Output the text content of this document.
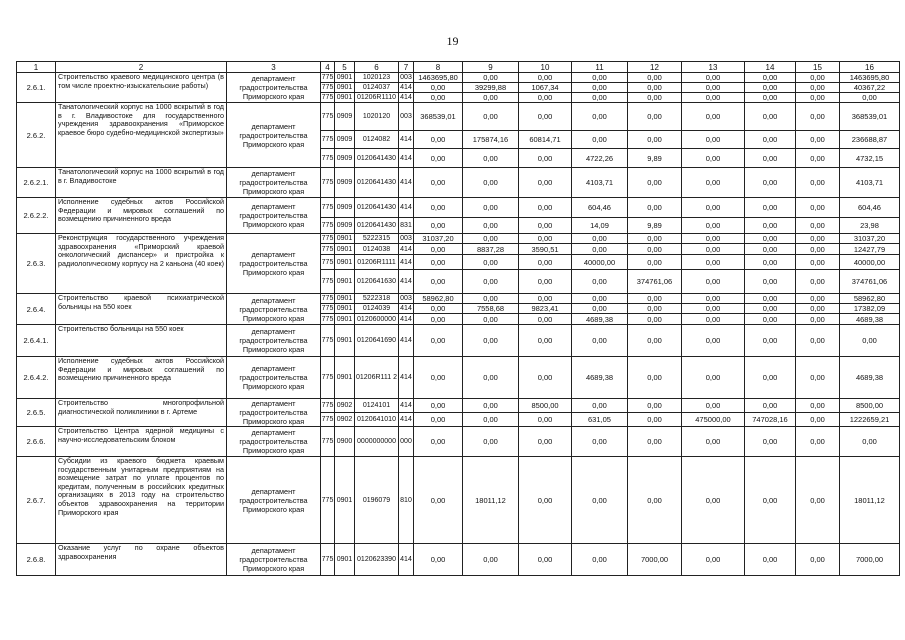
19
1	2	3	4	5	6	7	8	9	10	11	12	13	14	15	16
2.6.1.	Строительство краевого медицинского центра (в том числе проектно-изыскательские работы)	департамент градостроительства Приморского края	775	0901	1020123	003	1463695,80	0,00	0,00	0,00	0,00	0,00	0,00	0,00	1463695,80
			775	0901	0124037	414	0,00	39299,88	1067,34	0,00	0,00	0,00	0,00	0,00	40367,22
			775	0901	01206R1110	414	0,00	0,00	0,00	0,00	0,00	0,00	0,00	0,00	0,00
2.6.2.	Танатологический корпус на 1000 вскрытий в год в г. Владивостоке для государственного учреждения здравоохранения «Приморское краевое бюро судебно-медицинской экспертизы»	департамент градостроительства Приморского края	775	0909	1020120	003	368539,01	0,00	0,00	0,00	0,00	0,00	0,00	0,00	368539,01
			775	0909	0124082	414	0,00	175874,16	60814,71	0,00	0,00	0,00	0,00	0,00	236688,87
			775	0909	0120641430	414	0,00	0,00	0,00	4722,26	9,89	0,00	0,00	0,00	4732,15
2.6.2.1.	Танатологический корпус на 1000 вскрытий в год в г. Владивостоке	департамент градостроительства Приморского края	775	0909	0120641430	414	0,00	0,00	0,00	4103,71	0,00	0,00	0,00	0,00	4103,71
2.6.2.2.	Исполнение судебных актов Российской Федерации и мировых соглашений по возмещению причиненного вреда	департамент градостроительства Приморского края	775	0909	0120641430	414	0,00	0,00	0,00	604,46	0,00	0,00	0,00	0,00	604,46
			775	0909	0120641430	831	0,00	0,00	0,00	14,09	9,89	0,00	0,00	0,00	23,98
2.6.3.	Реконструкция государственного учреждения здравоохранения «Приморский краевой онкологический диспансер» и пристройка к радиологическому корпусу на 2 каньона (40 коек)	департамент градостроительства Приморского края	775	0901	5222315	003	31037,20	0,00	0,00	0,00	0,00	0,00	0,00	0,00	31037,20
			775	0901	0124038	414	0,00	8837,28	3590,51	0,00	0,00	0,00	0,00	0,00	12427,79
			775	0901	01206R1111	414	0,00	0,00	0,00	40000,00	0,00	0,00	0,00	0,00	40000,00
			775	0901	0120641630	414	0,00	0,00	0,00	0,00	374761,06	0,00	0,00	0,00	374761,06
2.6.4.	Строительство краевой психиатрической больницы на 550 коек	департамент градостроительства Приморского края	775	0901	5222318	003	58962,80	0,00	0,00	0,00	0,00	0,00	0,00	0,00	58962,80
			775	0901	0124039	414	0,00	7558,68	9823,41	0,00	0,00	0,00	0,00	0,00	17382,09
			775	0901	0120600000	414	0,00	0,00	0,00	4689,38	0,00	0,00	0,00	0,00	4689,38
2.6.4.1.	Строительство больницы на 550 коек	департамент градостроительства Приморского края	775	0901	0120641690	414	0,00	0,00	0,00	0,00	0,00	0,00	0,00	0,00	0,00
2.6.4.2.	Исполнение судебных актов Российской Федерации и мировых соглашений по возмещению причиненного вреда	департамент градостроительства Приморского края	775	0901	01206R111 2	414	0,00	0,00	0,00	4689,38	0,00	0,00	0,00	0,00	4689,38
2.6.5.	Строительство многопрофильной диагностической поликлиники в г. Артеме	департамент градостроительства Приморского края	775	0902	0124101	414	0,00	0,00	8500,00	0,00	0,00	0,00	0,00	0,00	8500,00
			775	0902	0120641010	414	0,00	0,00	0,00	631,05	0,00	475000,00	747028,16	0,00	1222659,21
2.6.6.	Строительство Центра ядерной медицины с научно-исследовательским блоком	департамент градостроительства Приморского края	775	0900	0000000000	000	0,00	0,00	0,00	0,00	0,00	0,00	0,00	0,00	0,00
2.6.7.	Субсидии из краевого бюджета краевым государственным унитарным предприятиям на возмещение затрат по уплате процентов по кредитам, полученным в российских кредитных организациях в 2013 году на строительство объектов здравоохранения на территории Приморского края	департамент градостроительства Приморского края	775	0901	0196079	810	0,00	18011,12	0,00	0,00	0,00	0,00	0,00	0,00	18011,12
2.6.8.	Оказание услуг по охране объектов здравоохранения	департамент градостроительства Приморского края	775	0901	0120623390	414	0,00	0,00	0,00	0,00	7000,00	0,00	0,00	0,00	7000,00
